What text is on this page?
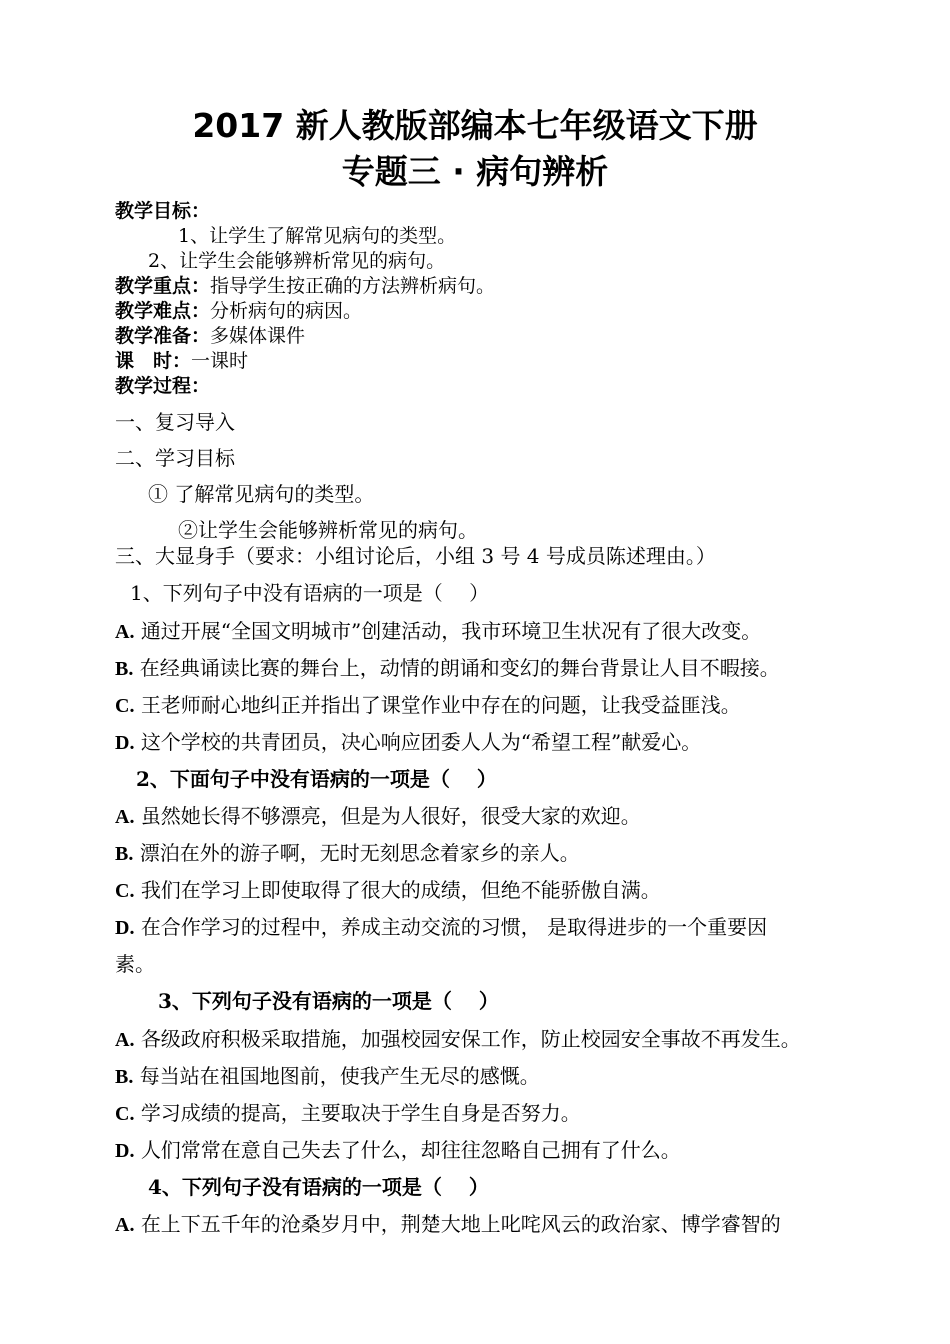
2017 新人教版部编本七年级语文下册
专题三 · 病句辨析
教学目标：
1、让学生了解常见病句的类型。
2、让学生会能够辨析常见的病句。
教学重点：指导学生按正确的方法辨析病句。
教学难点：分析病句的病因。
教学准备：多媒体课件
课　时：一课时
教学过程：
一、复习导入
二、学习目标
① 了解常见病句的类型。
②让学生会能够辨析常见的病句。
三、大显身手（要求：小组讨论后，小组 3 号 4 号成员陈述理由。）
1、下列句子中没有语病的一项是（　 ）
A. 通过开展“全国文明城市”创建活动，我市环境卫生状况有了很大改变。
B. 在经典诵读比赛的舞台上，动情的朗诵和变幻的舞台背景让人目不暇接。
C. 王老师耐心地纠正并指出了课堂作业中存在的问题，让我受益匪浅。
D. 这个学校的共青团员，决心响应团委人人为“希望工程”献爱心。
2、下面句子中没有语病的一项是（　 ）
A. 虽然她长得不够漂亮，但是为人很好，很受大家的欢迎。
B. 漂泊在外的游子啊，无时无刻思念着家乡的亲人。
C. 我们在学习上即使取得了很大的成绩，但绝不能骄傲自满。
D. 在合作学习的过程中，养成主动交流的习惯， 是取得进步的一个重要因
素。
3、下列句子没有语病的一项是（　 ）
A. 各级政府积极采取措施，加强校园安保工作，防止校园安全事故不再发生。
B. 每当站在祖国地图前，使我产生无尽的感慨。
C. 学习成绩的提高，主要取决于学生自身是否努力。
D. 人们常常在意自己失去了什么，却往往忽略自己拥有了什么。
4、下列句子没有语病的一项是（　 ）
A. 在上下五千年的沧桑岁月中，荆楚大地上叱咤风云的政治家、博学睿智的
